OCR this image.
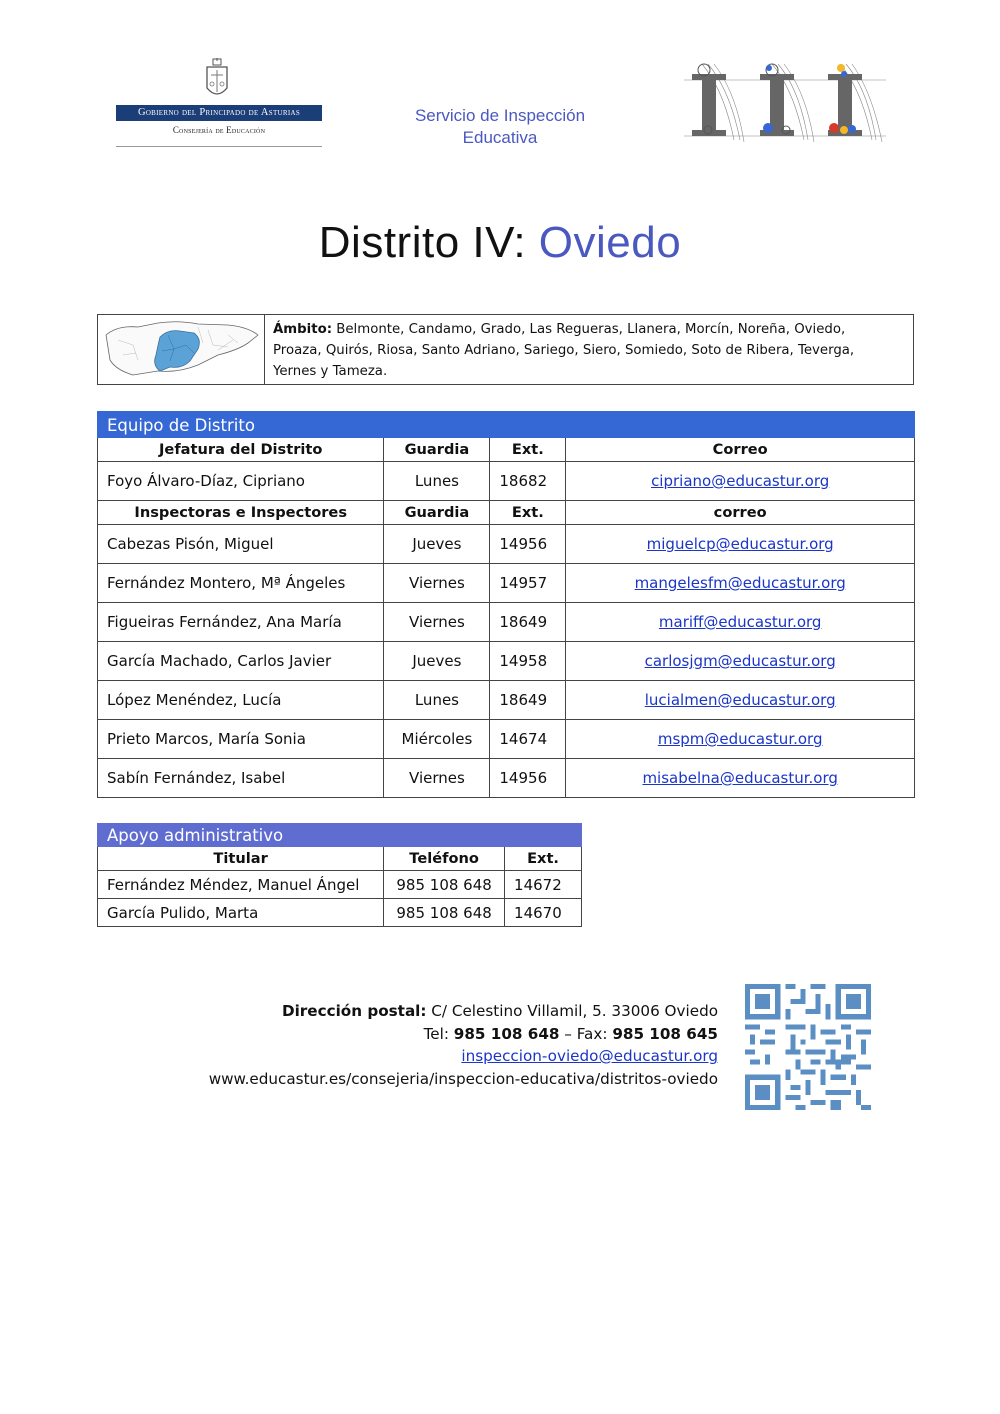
Gobierno del Principado de Asturias
Consejería de Educación
Servicio de Inspección
Educativa
Distrito IV: Oviedo
Ámbito: Belmonte, Candamo, Grado, Las Regueras, Llanera, Morcín, Noreña, Oviedo, Proaza, Quirós, Riosa, Santo Adriano, Sariego, Siero, Somiedo, Soto de Ribera, Teverga, Yernes y Tameza.
Equipo de Distrito			
Jefatura del Distrito	Guardia	Ext.	Correo
Foyo Álvaro-Díaz, Cipriano	Lunes	18682	cipriano@educastur.org
Inspectoras e Inspectores	Guardia	Ext.	correo
Cabezas Pisón, Miguel	Jueves	14956	miguelcp@educastur.org
Fernández Montero, Mª Ángeles	Viernes	14957	mangelesfm@educastur.org
Figueiras Fernández, Ana María	Viernes	18649	mariff@educastur.org
García Machado, Carlos Javier	Jueves	14958	carlosjgm@educastur.org
López Menéndez, Lucía	Lunes	18649	lucialmen@educastur.org
Prieto Marcos, María Sonia	Miércoles	14674	mspm@educastur.org
Sabín Fernández, Isabel	Viernes	14956	misabelna@educastur.org
Apoyo administrativo		
Titular	Teléfono	Ext.
Fernández Méndez, Manuel Ángel	985 108 648	14672
García Pulido, Marta	985 108 648	14670
Dirección postal: C/ Celestino Villamil, 5. 33006 Oviedo
Tel: 985 108 648 – Fax: 985 108 645
inspeccion-oviedo@educastur.org
www.educastur.es/consejeria/inspeccion-educativa/distritos-oviedo
